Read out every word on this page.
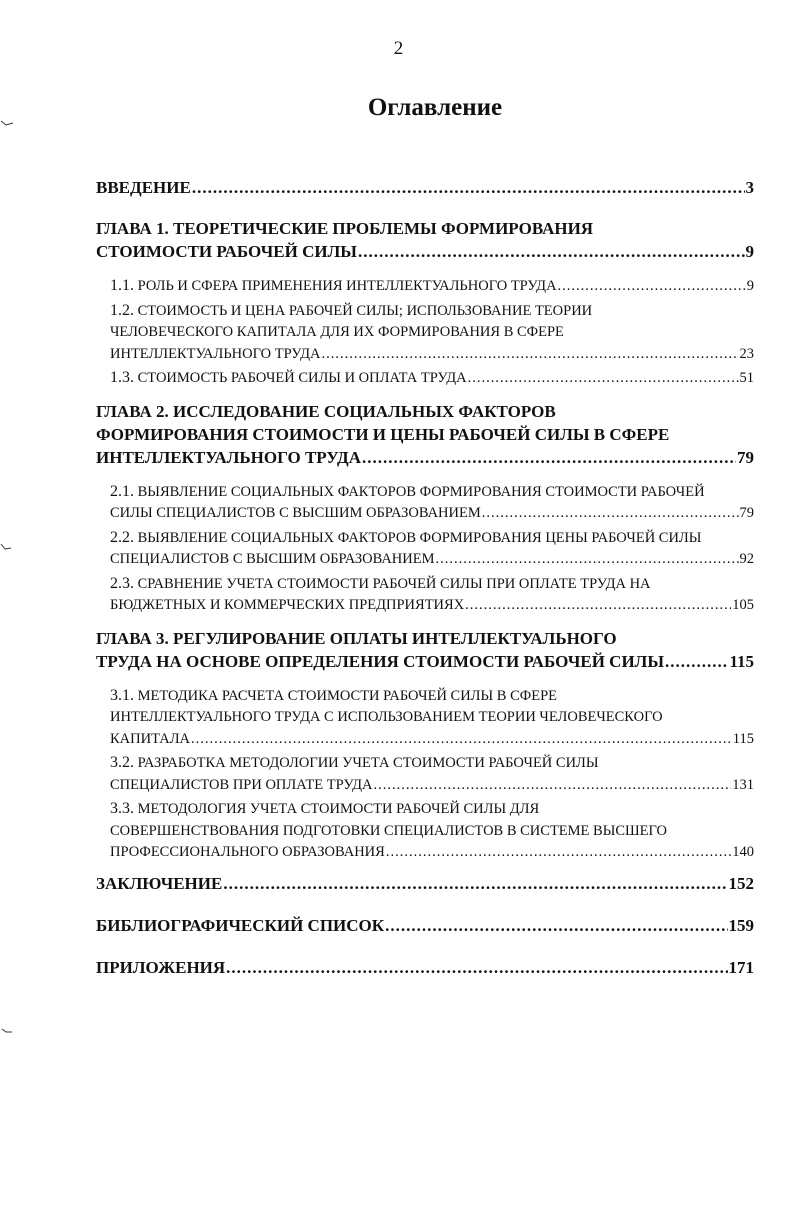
2
Оглавление
ВВЕДЕНИЕ .....	3
ГЛАВА 1. ТЕОРЕТИЧЕСКИЕ ПРОБЛЕМЫ ФОРМИРОВАНИЯ
СТОИМОСТИ РАБОЧЕЙ СИЛЫ .....	9
1.1. РОЛЬ И СФЕРА ПРИМЕНЕНИЯ ИНТЕЛЛЕКТУАЛЬНОГО ТРУДА .....	9
1.2. СТОИМОСТЬ И ЦЕНА РАБОЧЕЙ СИЛЫ; ИСПОЛЬЗОВАНИЕ ТЕОРИИ
ЧЕЛОВЕЧЕСКОГО КАПИТАЛА ДЛЯ ИХ ФОРМИРОВАНИЯ В СФЕРЕ
ИНТЕЛЛЕКТУАЛЬНОГО ТРУДА .....	23
1.3. СТОИМОСТЬ РАБОЧЕЙ СИЛЫ И ОПЛАТА ТРУДА .....	51
ГЛАВА 2. ИССЛЕДОВАНИЕ СОЦИАЛЬНЫХ ФАКТОРОВ
ФОРМИРОВАНИЯ СТОИМОСТИ И ЦЕНЫ РАБОЧЕЙ СИЛЫ В СФЕРЕ
ИНТЕЛЛЕКТУАЛЬНОГО ТРУДА .....	79
2.1. ВЫЯВЛЕНИЕ СОЦИАЛЬНЫХ ФАКТОРОВ ФОРМИРОВАНИЯ СТОИМОСТИ РАБОЧЕЙ
СИЛЫ СПЕЦИАЛИСТОВ С ВЫСШИМ ОБРАЗОВАНИЕМ .....	79
2.2. ВЫЯВЛЕНИЕ СОЦИАЛЬНЫХ ФАКТОРОВ ФОРМИРОВАНИЯ ЦЕНЫ РАБОЧЕЙ СИЛЫ
СПЕЦИАЛИСТОВ С ВЫСШИМ ОБРАЗОВАНИЕМ .....	92
2.3. СРАВНЕНИЕ УЧЕТА СТОИМОСТИ РАБОЧЕЙ СИЛЫ ПРИ ОПЛАТЕ ТРУДА НА
БЮДЖЕТНЫХ И КОММЕРЧЕСКИХ ПРЕДПРИЯТИЯХ .....	105
ГЛАВА 3. РЕГУЛИРОВАНИЕ ОПЛАТЫ ИНТЕЛЛЕКТУАЛЬНОГО
ТРУДА НА ОСНОВЕ ОПРЕДЕЛЕНИЯ СТОИМОСТИ РАБОЧЕЙ СИЛЫ .....	115
3.1. МЕТОДИКА РАСЧЕТА СТОИМОСТИ РАБОЧЕЙ СИЛЫ В СФЕРЕ
ИНТЕЛЛЕКТУАЛЬНОГО ТРУДА С ИСПОЛЬЗОВАНИЕМ ТЕОРИИ ЧЕЛОВЕЧЕСКОГО
КАПИТАЛА .....	115
3.2. РАЗРАБОТКА МЕТОДОЛОГИИ УЧЕТА СТОИМОСТИ РАБОЧЕЙ СИЛЫ
СПЕЦИАЛИСТОВ ПРИ ОПЛАТЕ ТРУДА .....	131
3.3. МЕТОДОЛОГИЯ УЧЕТА СТОИМОСТИ РАБОЧЕЙ СИЛЫ ДЛЯ
СОВЕРШЕНСТВОВАНИЯ ПОДГОТОВКИ СПЕЦИАЛИСТОВ В СИСТЕМЕ ВЫСШЕГО
ПРОФЕССИОНАЛЬНОГО ОБРАЗОВАНИЯ .....	140
ЗАКЛЮЧЕНИЕ .....	152
БИБЛИОГРАФИЧЕСКИЙ СПИСОК .....	159
ПРИЛОЖЕНИЯ .....	171
